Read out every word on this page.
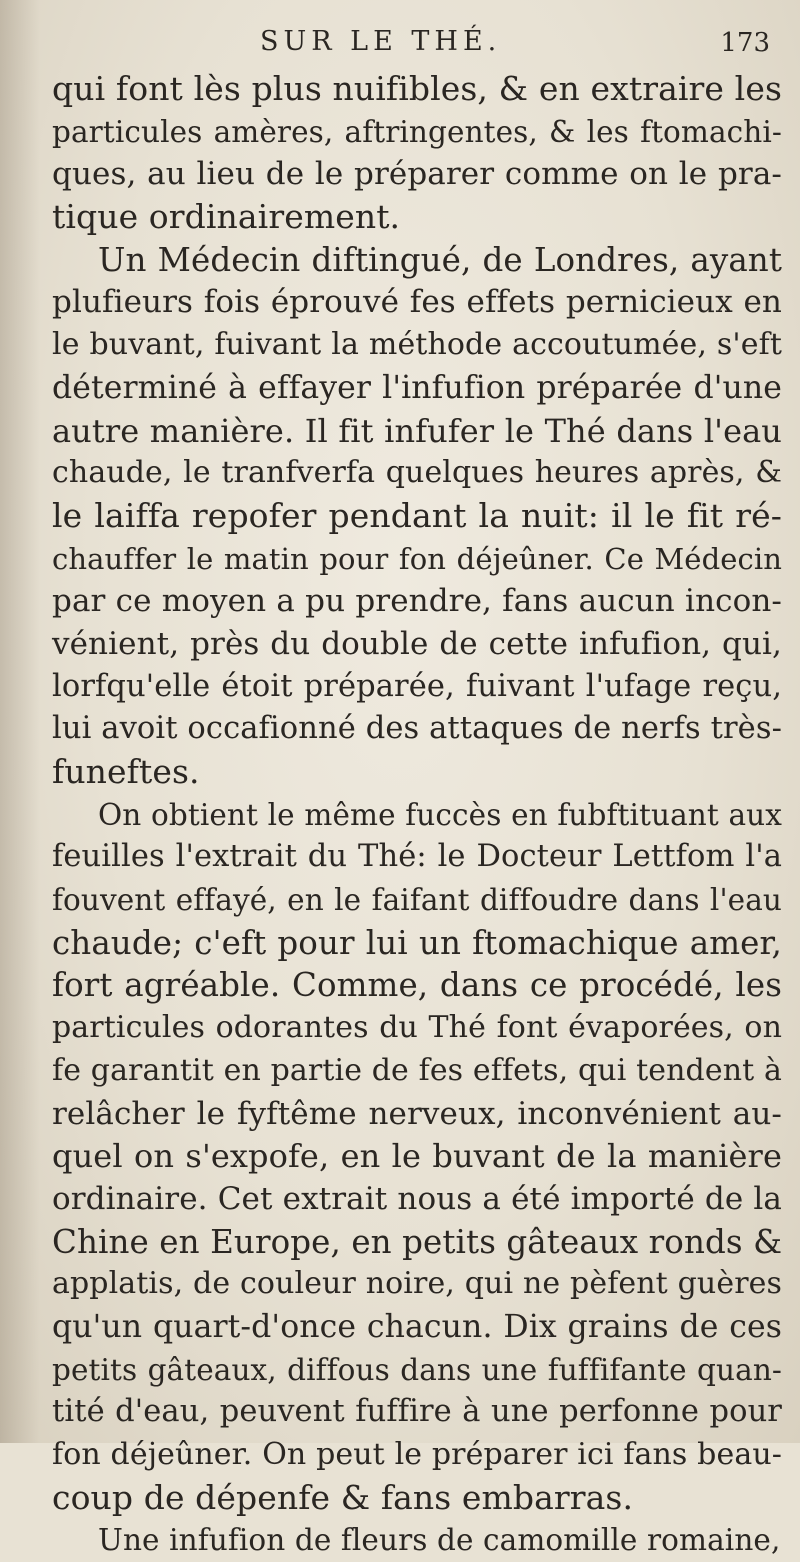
SUR LE THÉ.	173
qui font lès plus nuifibles, & en extraire les
particules amères, aftringentes, & les ftomachi-
ques, au lieu de le préparer comme on le pra-
tique ordinairement.
Un Médecin diftingué, de Londres, ayant
plufieurs fois éprouvé fes effets pernicieux en
le buvant, fuivant la méthode accoutumée, s'eft
déterminé à effayer l'infufion préparée d'une
autre manière. Il fit infufer le Thé dans l'eau
chaude, le tranfverfa quelques heures après, &
le laiffa repofer pendant la nuit: il le fit ré-
chauffer le matin pour fon déjeûner. Ce Médecin
par ce moyen a pu prendre, fans aucun incon-
vénient, près du double de cette infufion, qui,
lorfqu'elle étoit préparée, fuivant l'ufage reçu,
lui avoit occafionné des attaques de nerfs très-
funeftes.
On obtient le même fuccès en fubftituant aux
feuilles l'extrait du Thé: le Docteur Lettfom l'a
fouvent effayé, en le faifant diffoudre dans l'eau
chaude; c'eft pour lui un ftomachique amer,
fort agréable. Comme, dans ce procédé, les
particules odorantes du Thé font évaporées, on
fe garantit en partie de fes effets, qui tendent à
relâcher le fyftême nerveux, inconvénient au-
quel on s'expofe, en le buvant de la manière
ordinaire. Cet extrait nous a été importé de la
Chine en Europe, en petits gâteaux ronds &
applatis, de couleur noire, qui ne pèfent guères
qu'un quart-d'once chacun. Dix grains de ces
petits gâteaux, diffous dans une fuffifante quan-
tité d'eau, peuvent fuffire à une perfonne pour
fon déjeûner. On peut le préparer ici fans beau-
coup de dépenfe & fans embarras.
Une infufion de fleurs de camomille romaine,
